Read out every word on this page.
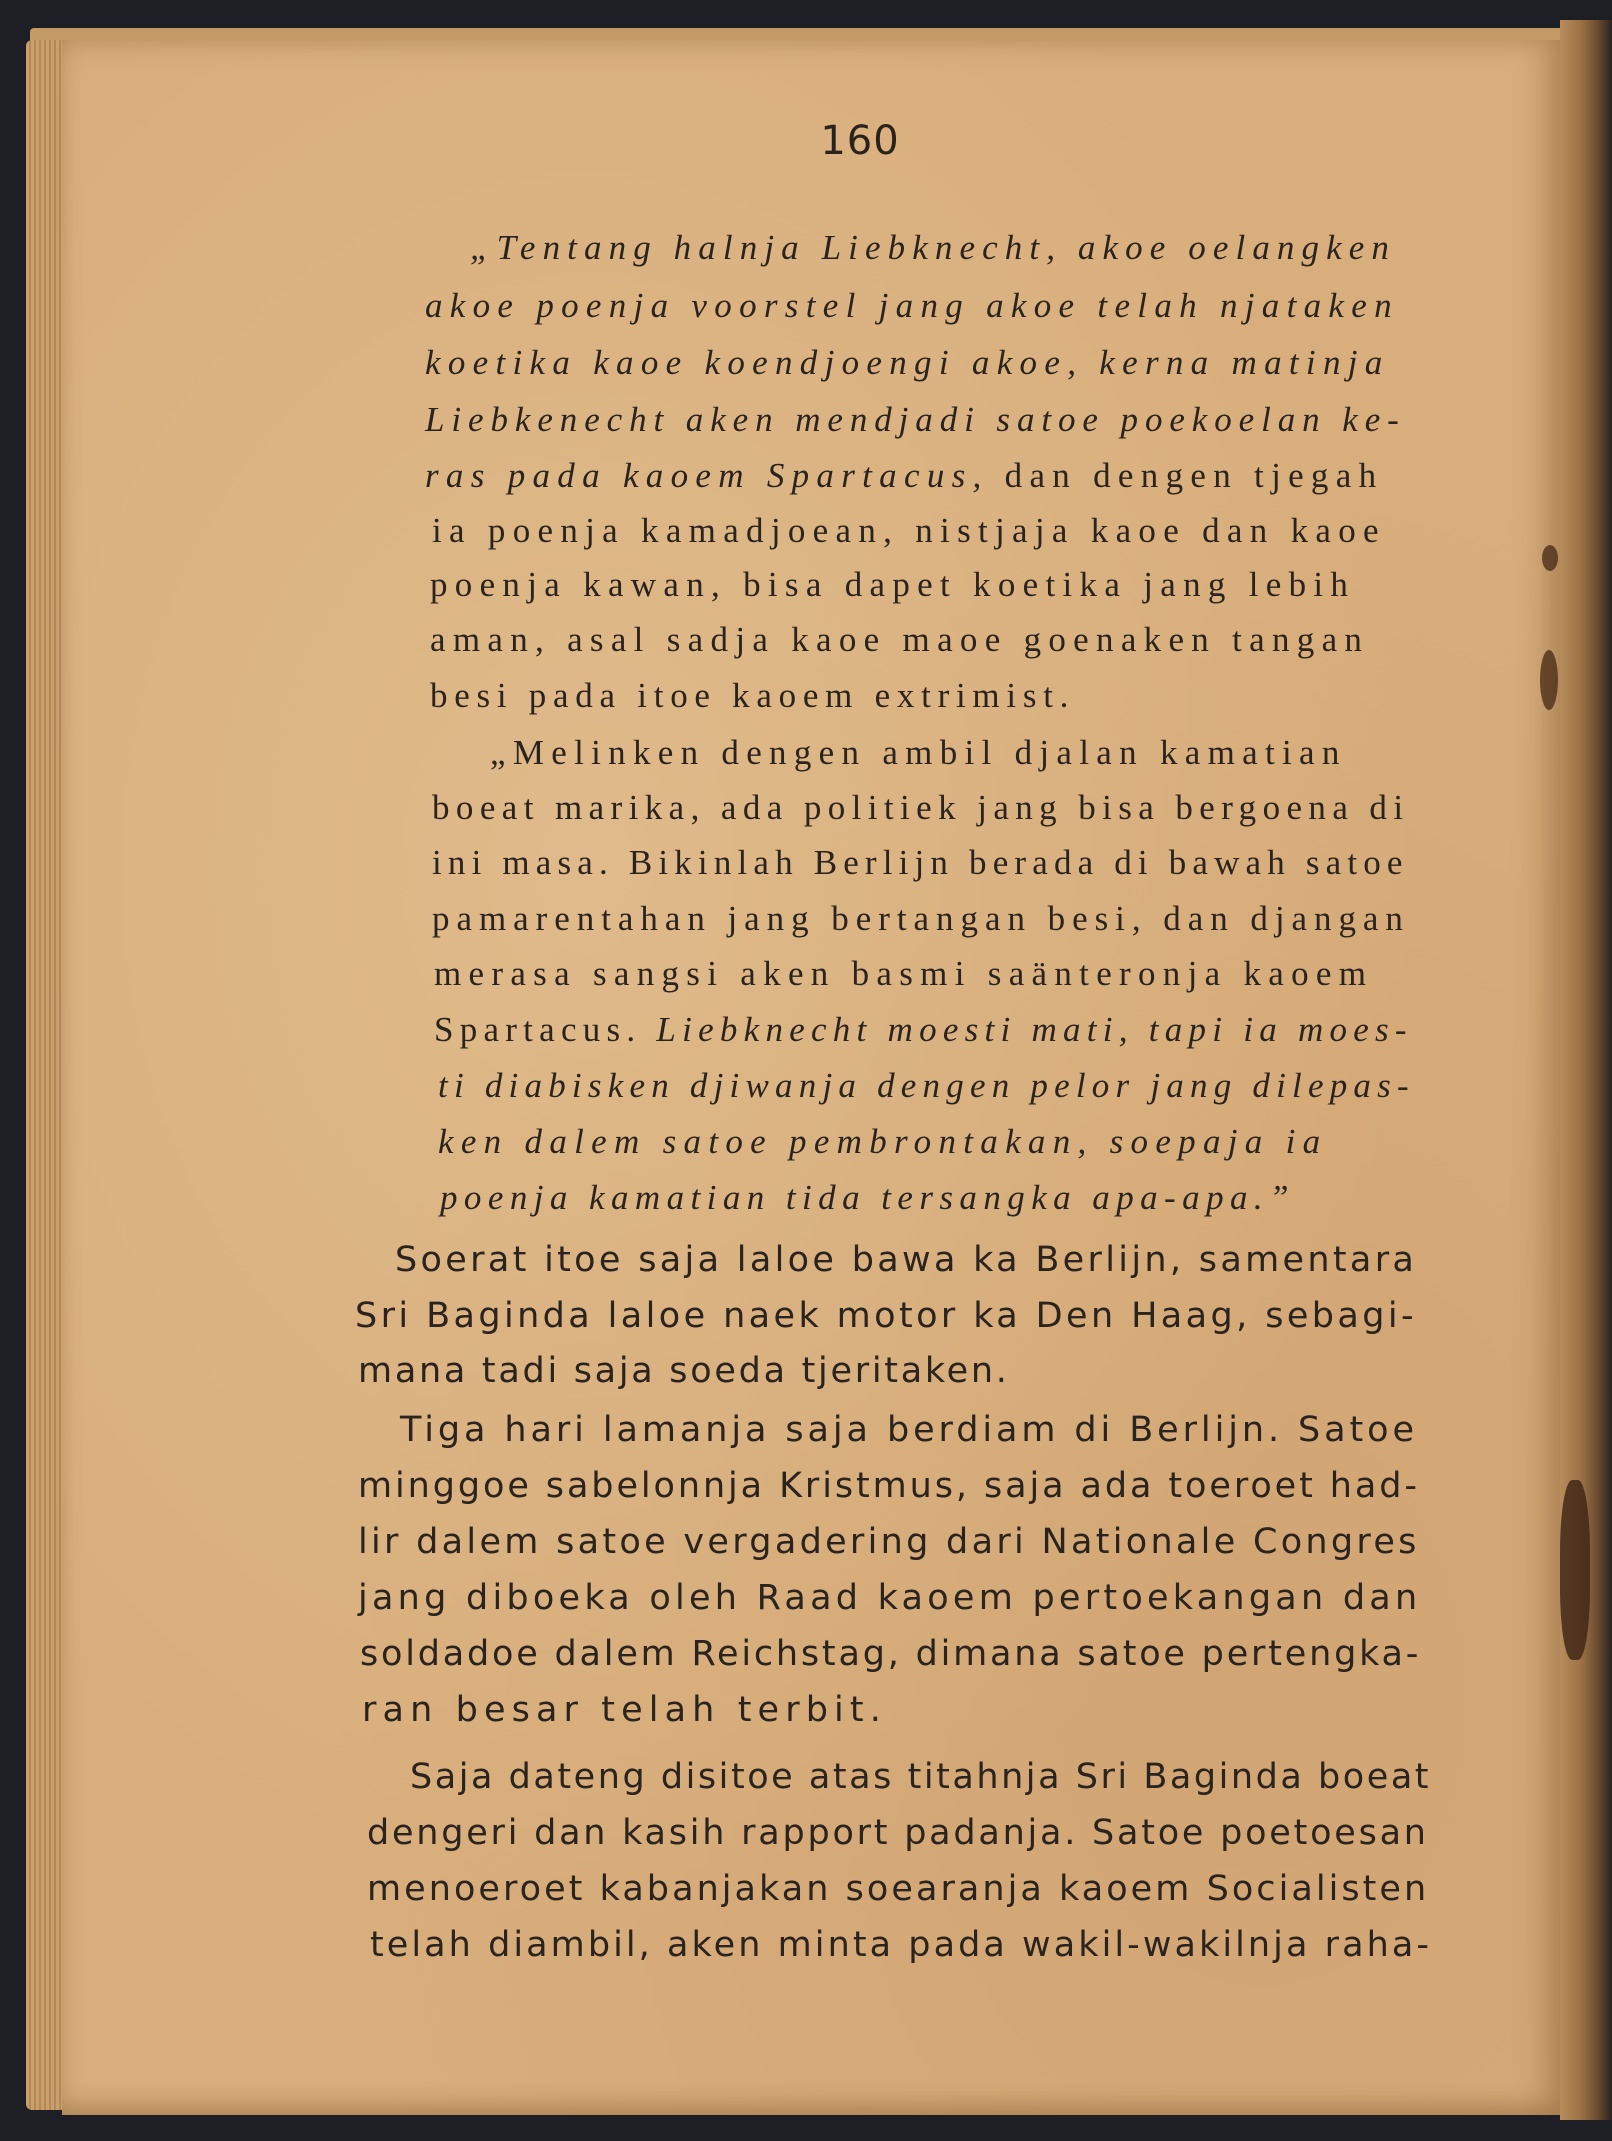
160
„Tentang halnja Liebknecht, akoe oelangken
akoe poenja voorstel jang akoe telah njataken
koetika kaoe koendjoengi akoe, kerna matinja
Liebkenecht aken mendjadi satoe poekoelan ke-
ras pada kaoem Spartacus, dan dengen tjegah
ia poenja kamadjoean, nistjaja kaoe dan kaoe
poenja kawan, bisa dapet koetika jang lebih
aman, asal sadja kaoe maoe goenaken tangan
besi pada itoe kaoem extrimist.
„Melinken dengen ambil djalan kamatian
boeat marika, ada politiek jang bisa bergoena di
ini masa. Bikinlah Berlijn berada di bawah satoe
pamarentahan jang bertangan besi, dan djangan
merasa sangsi aken basmi saänteronja kaoem
Spartacus. Liebknecht moesti mati, tapi ia moes-
ti diabisken djiwanja dengen pelor jang dilepas-
ken dalem satoe pembrontakan, soepaja ia
poenja kamatian tida tersangka apa-apa.”
Soerat itoe saja laloe bawa ka Berlijn, samentara
Sri Baginda laloe naek motor ka Den Haag, sebagi-
mana tadi saja soeda tjeritaken.
Tiga hari lamanja saja berdiam di Berlijn. Satoe
minggoe sabelonnja Kristmus, saja ada toeroet had-
lir dalem satoe vergadering dari Nationale Congres
jang diboeka oleh Raad kaoem pertoekangan dan
soldadoe dalem Reichstag, dimana satoe pertengka-
ran besar telah terbit.
Saja dateng disitoe atas titahnja Sri Baginda boeat
dengeri dan kasih rapport padanja. Satoe poetoesan
menoeroet kabanjakan soearanja kaoem Socialisten
telah diambil, aken minta pada wakil-wakilnja raha-
